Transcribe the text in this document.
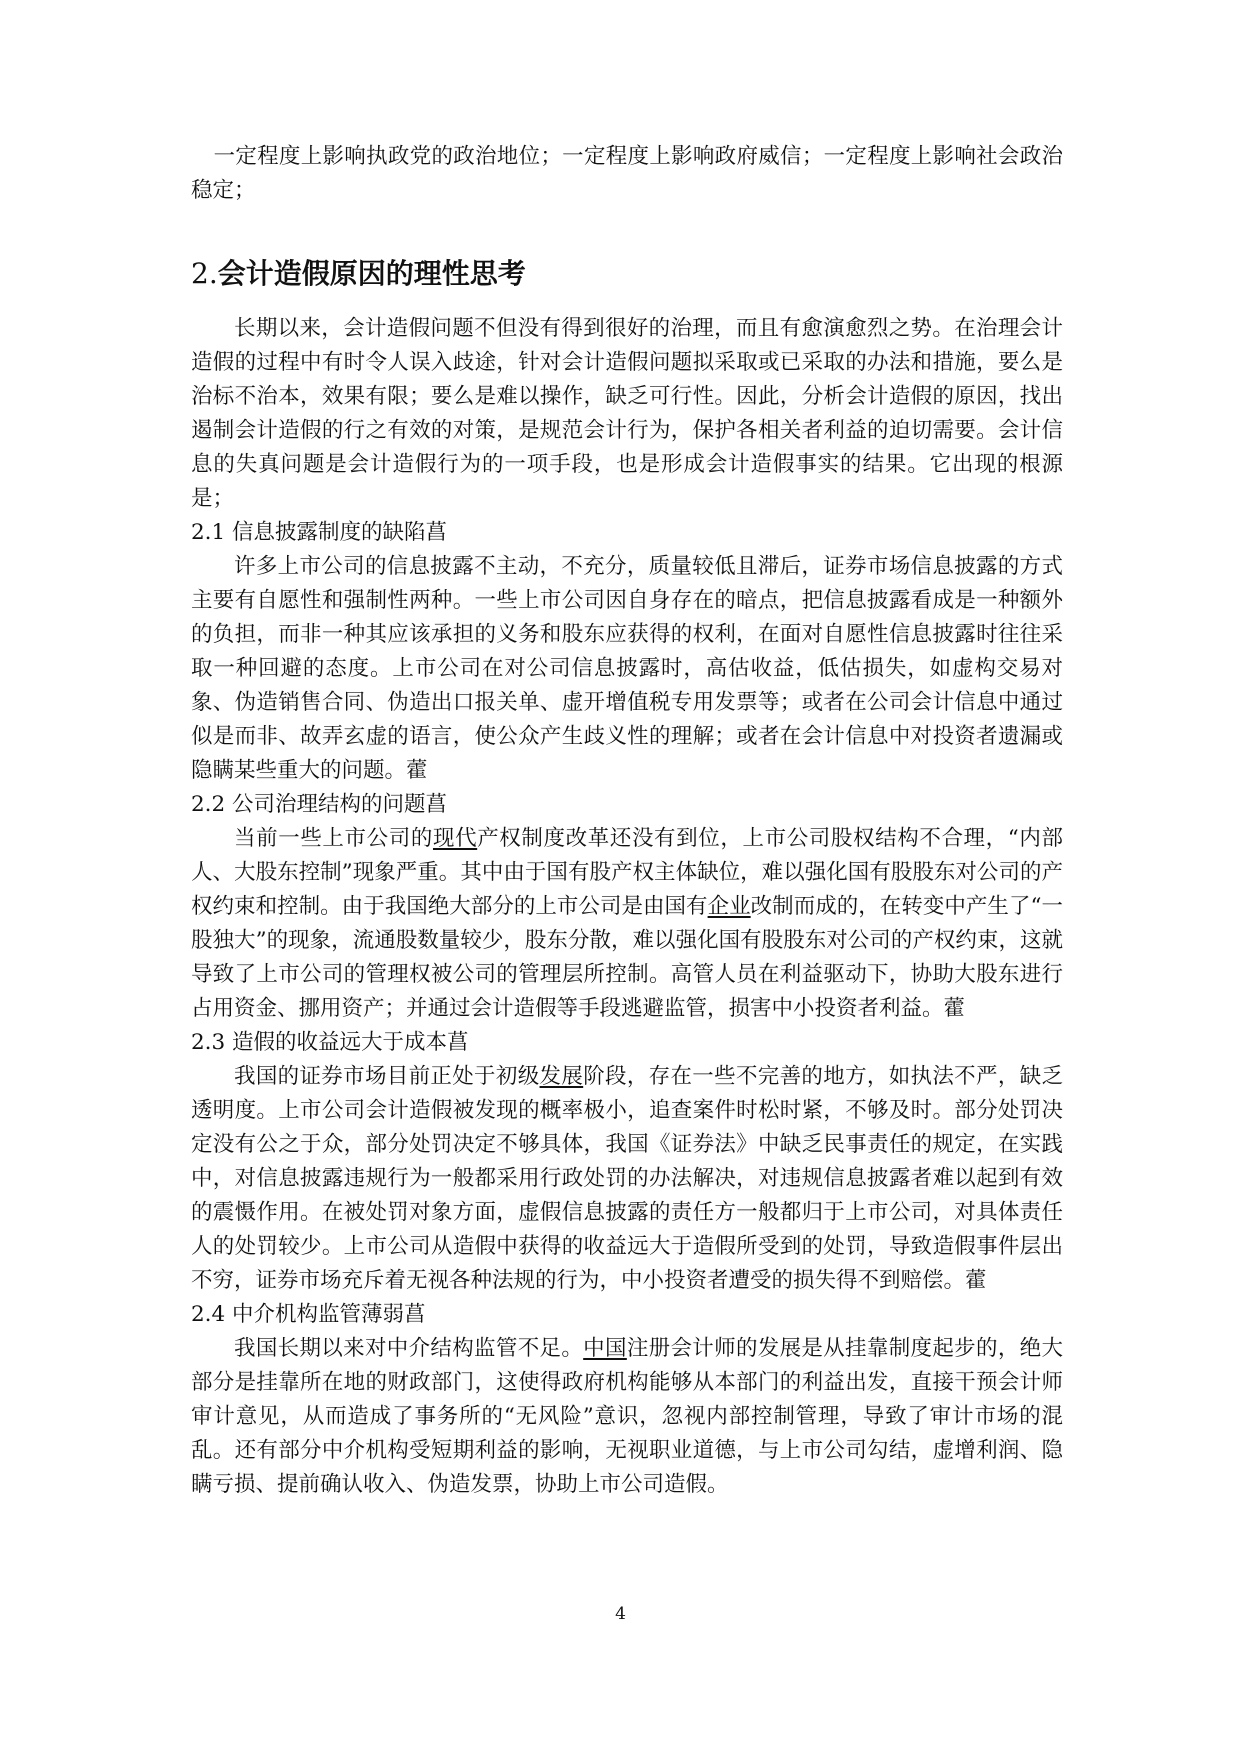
一定程度上影响执政党的政治地位；一定程度上影响政府威信；一定程度上影响社会政治稳定；

2.会计造假原因的理性思考

长期以来，会计造假问题不但没有得到很好的治理，而且有愈演愈烈之势。在治理会计造假的过程中有时令人误入歧途，针对会计造假问题拟采取或已采取的办法和措施，要么是治标不治本，效果有限；要么是难以操作，缺乏可行性。因此，分析会计造假的原因，找出遏制会计造假的行之有效的对策，是规范会计行为，保护各相关者利益的迫切需要。会计信息的失真问题是会计造假行为的一项手段，也是形成会计造假事实的结果。它出现的根源是；

2.1 信息披露制度的缺陷菖

许多上市公司的信息披露不主动，不充分，质量较低且滞后，证券市场信息披露的方式主要有自愿性和强制性两种。一些上市公司因自身存在的暗点，把信息披露看成是一种额外的负担，而非一种其应该承担的义务和股东应获得的权利，在面对自愿性信息披露时往往采取一种回避的态度。上市公司在对公司信息披露时，高估收益，低估损失，如虚构交易对象、伪造销售合同、伪造出口报关单、虚开增值税专用发票等；或者在公司会计信息中通过似是而非、故弄玄虚的语言，使公众产生歧义性的理解；或者在会计信息中对投资者遗漏或隐瞒某些重大的问题。藿

2.2 公司治理结构的问题菖

当前一些上市公司的现代产权制度改革还没有到位，上市公司股权结构不合理，“内部人、大股东控制”现象严重。其中由于国有股产权主体缺位，难以强化国有股股东对公司的产权约束和控制。由于我国绝大部分的上市公司是由国有企业改制而成的，在转变中产生了“一股独大”的现象，流通股数量较少，股东分散，难以强化国有股股东对公司的产权约束，这就导致了上市公司的管理权被公司的管理层所控制。高管人员在利益驱动下，协助大股东进行占用资金、挪用资产；并通过会计造假等手段逃避监管，损害中小投资者利益。藿

2.3 造假的收益远大于成本菖

我国的证券市场目前正处于初级发展阶段，存在一些不完善的地方，如执法不严，缺乏透明度。上市公司会计造假被发现的概率极小，追查案件时松时紧，不够及时。部分处罚决定没有公之于众，部分处罚决定不够具体，我国《证券法》中缺乏民事责任的规定，在实践中，对信息披露违规行为一般都采用行政处罚的办法解决，对违规信息披露者难以起到有效的震慑作用。在被处罚对象方面，虚假信息披露的责任方一般都归于上市公司，对具体责任人的处罚较少。上市公司从造假中获得的收益远大于造假所受到的处罚，导致造假事件层出不穷，证券市场充斥着无视各种法规的行为，中小投资者遭受的损失得不到赔偿。藿

2.4 中介机构监管薄弱菖

我国长期以来对中介结构监管不足。中国注册会计师的发展是从挂靠制度起步的，绝大部分是挂靠所在地的财政部门，这使得政府机构能够从本部门的利益出发，直接干预会计师审计意见，从而造成了事务所的“无风险”意识，忽视内部控制管理，导致了审计市场的混乱。还有部分中介机构受短期利益的影响，无视职业道德，与上市公司勾结，虚增利润、隐瞒亏损、提前确认收入、伪造发票，协助上市公司造假。

4
